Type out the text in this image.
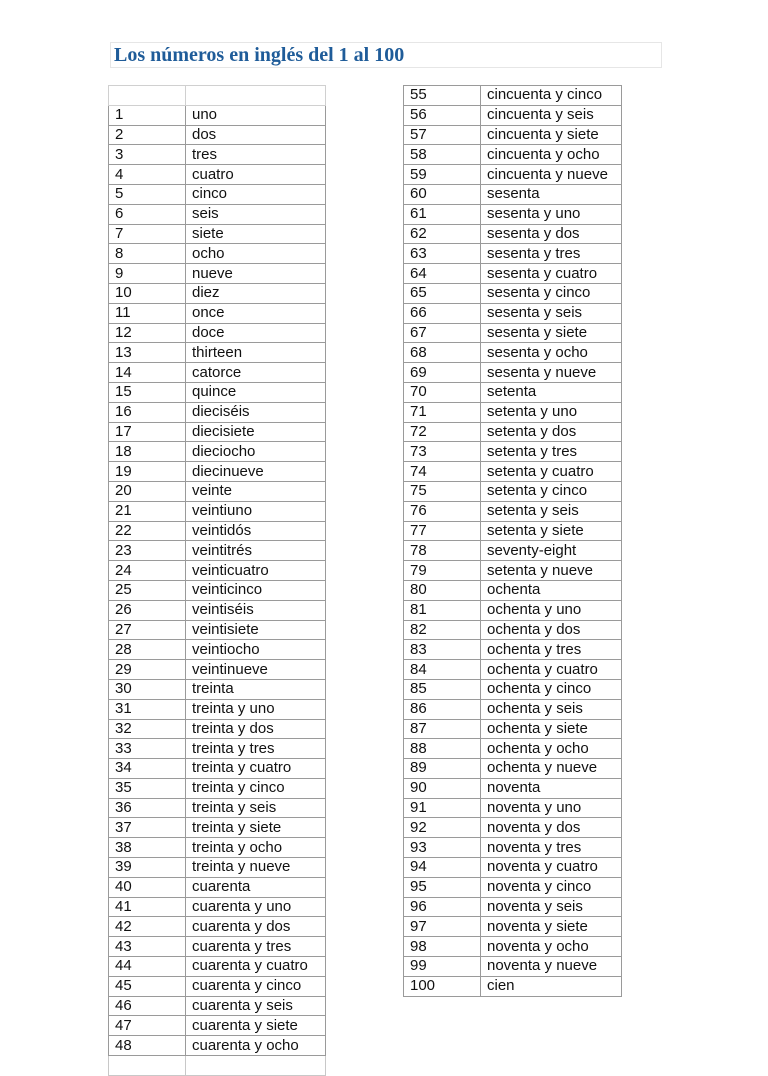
Los números en inglés del 1 al 100

1	uno
2	dos
3	tres
4	cuatro
5	cinco
6	seis
7	siete
8	ocho
9	nueve
10	diez
11	once
12	doce
13	thirteen
14	catorce
15	quince
16	dieciséis
17	diecisiete
18	dieciocho
19	diecinueve
20	veinte
21	veintiuno
22	veintidós
23	veintitrés
24	veinticuatro
25	veinticinco
26	veintiséis
27	veintisiete
28	veintiocho
29	veintinueve
30	treinta
31	treinta y uno
32	treinta y dos
33	treinta y tres
34	treinta y cuatro
35	treinta y cinco
36	treinta y seis
37	treinta y siete
38	treinta y ocho
39	treinta y nueve
40	cuarenta
41	cuarenta y uno
42	cuarenta y dos
43	cuarenta y tres
44	cuarenta y cuatro
45	cuarenta y cinco
46	cuarenta y seis
47	cuarenta y siete
48	cuarenta y ocho

55	cincuenta y cinco
56	cincuenta y seis
57	cincuenta y siete
58	cincuenta y ocho
59	cincuenta y nueve
60	sesenta
61	sesenta y uno
62	sesenta y dos
63	sesenta y tres
64	sesenta y cuatro
65	sesenta y cinco
66	sesenta y seis
67	sesenta y siete
68	sesenta y ocho
69	sesenta y nueve
70	setenta
71	setenta y uno
72	setenta y dos
73	setenta y tres
74	setenta y cuatro
75	setenta y cinco
76	setenta y seis
77	setenta y siete
78	seventy-eight
79	setenta y nueve
80	ochenta
81	ochenta y uno
82	ochenta y dos
83	ochenta y tres
84	ochenta y cuatro
85	ochenta y cinco
86	ochenta y seis
87	ochenta y siete
88	ochenta y ocho
89	ochenta y nueve
90	noventa
91	noventa y uno
92	noventa y dos
93	noventa y tres
94	noventa y cuatro
95	noventa y cinco
96	noventa y seis
97	noventa y siete
98	noventa y ocho
99	noventa y nueve
100	cien
